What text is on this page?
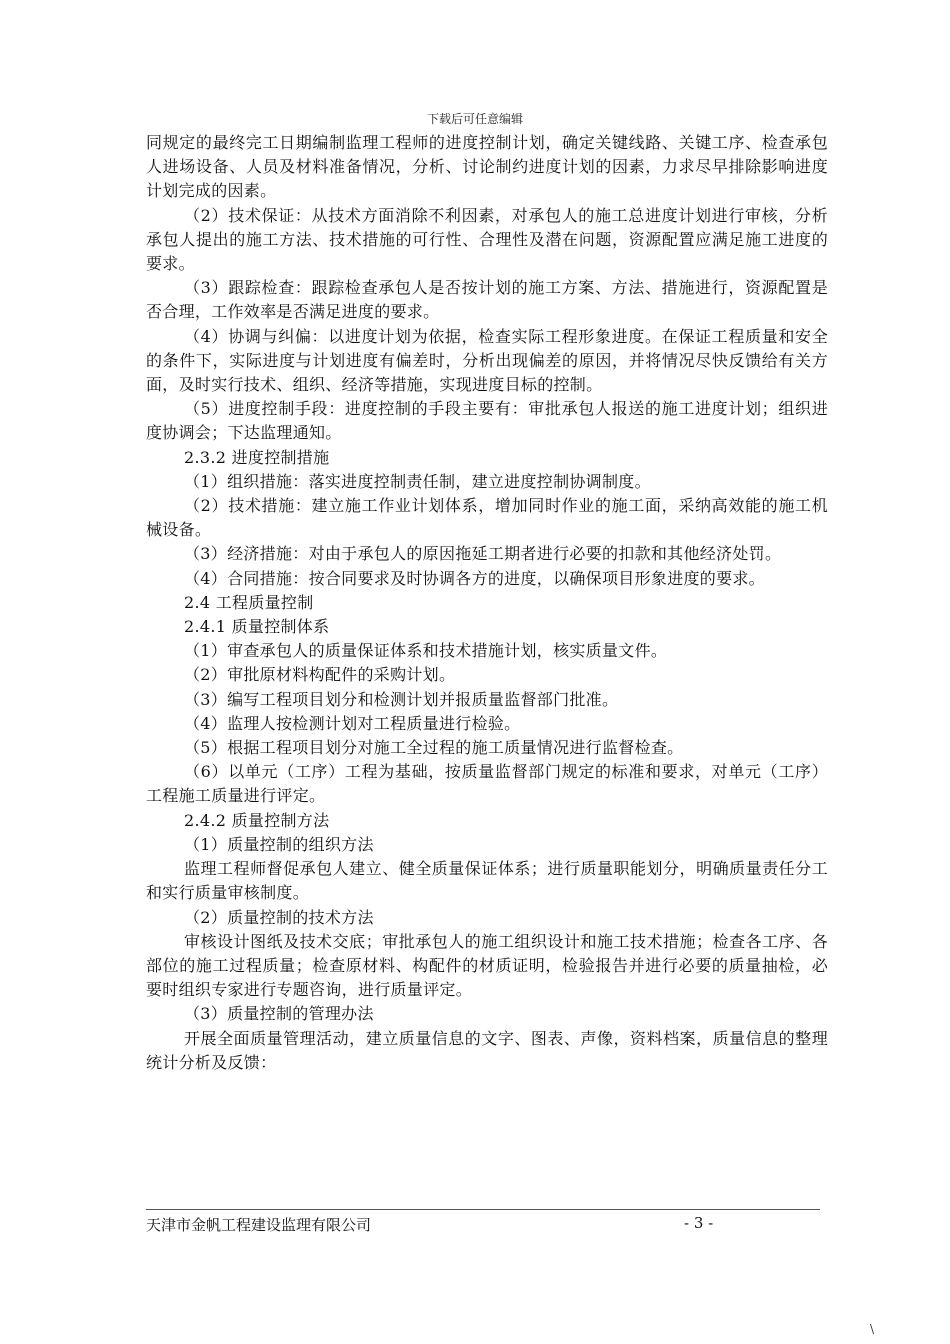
下载后可任意编辑

同规定的最终完工日期编制监理工程师的进度控制计划，确定关键线路、关键工序、检查承包人进场设备、人员及材料准备情况，分析、讨论制约进度计划的因素，力求尽早排除影响进度计划完成的因素。

（2）技术保证：从技术方面消除不利因素，对承包人的施工总进度计划进行审核，分析承包人提出的施工方法、技术措施的可行性、合理性及潜在问题，资源配置应满足施工进度的要求。

（3）跟踪检查：跟踪检查承包人是否按计划的施工方案、方法、措施进行，资源配置是否合理，工作效率是否满足进度的要求。

（4）协调与纠偏：以进度计划为依据，检查实际工程形象进度。在保证工程质量和安全的条件下，实际进度与计划进度有偏差时，分析出现偏差的原因，并将情况尽快反馈给有关方面，及时实行技术、组织、经济等措施，实现进度目标的控制。

（5）进度控制手段：进度控制的手段主要有：审批承包人报送的施工进度计划；组织进度协调会；下达监理通知。

2.3.2 进度控制措施

（1）组织措施：落实进度控制责任制，建立进度控制协调制度。

（2）技术措施：建立施工作业计划体系，增加同时作业的施工面，采纳高效能的施工机械设备。

（3）经济措施：对由于承包人的原因拖延工期者进行必要的扣款和其他经济处罚。

（4）合同措施：按合同要求及时协调各方的进度，以确保项目形象进度的要求。

2.4 工程质量控制

2.4.1 质量控制体系

（1）审查承包人的质量保证体系和技术措施计划，核实质量文件。

（2）审批原材料构配件的采购计划。

（3）编写工程项目划分和检测计划并报质量监督部门批准。

（4）监理人按检测计划对工程质量进行检验。

（5）根据工程项目划分对施工全过程的施工质量情况进行监督检查。

（6）以单元（工序）工程为基础，按质量监督部门规定的标准和要求，对单元（工序）工程施工质量进行评定。

2.4.2 质量控制方法

（1）质量控制的组织方法

监理工程师督促承包人建立、健全质量保证体系；进行质量职能划分，明确质量责任分工和实行质量审核制度。

（2）质量控制的技术方法

审核设计图纸及技术交底；审批承包人的施工组织设计和施工技术措施；检查各工序、各部位的施工过程质量；检查原材料、构配件的材质证明，检验报告并进行必要的质量抽检，必要时组织专家进行专题咨询，进行质量评定。

（3）质量控制的管理办法

开展全面质量管理活动，建立质量信息的文字、图表、声像，资料档案，质量信息的整理统计分析及反馈：

天津市金帆工程建设监理有限公司	- 3 -
\
